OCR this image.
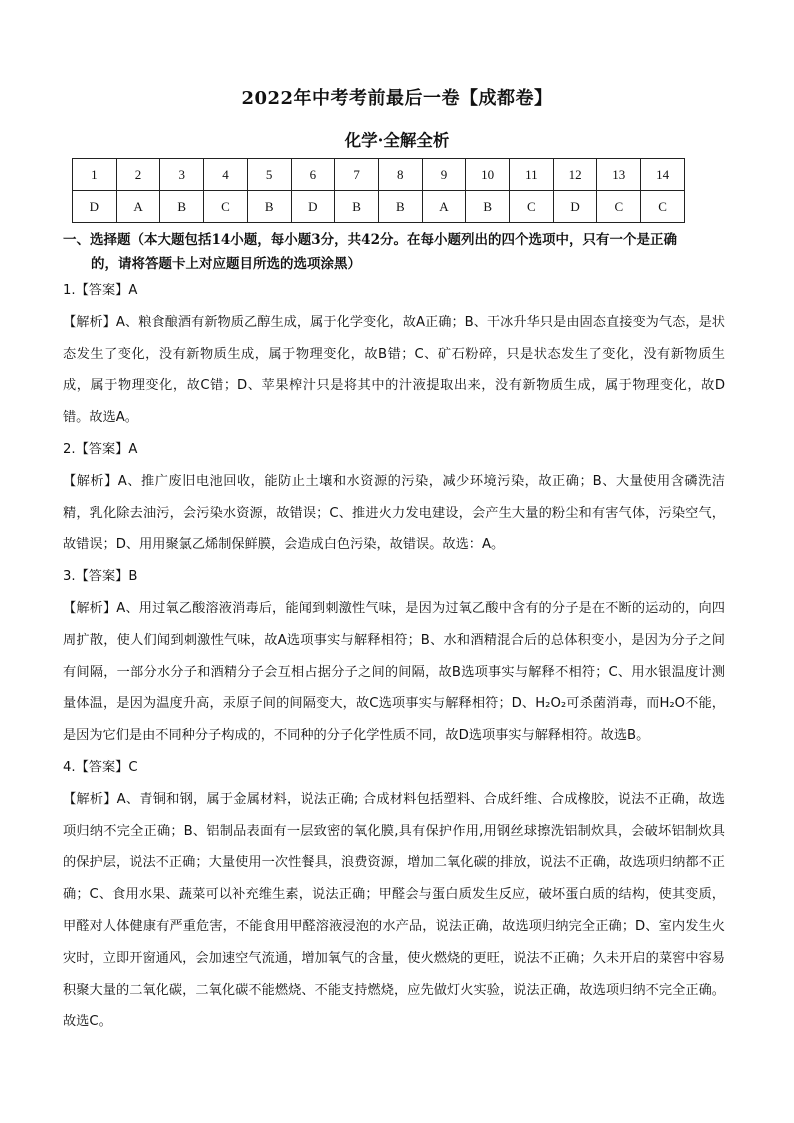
2022年中考考前最后一卷【成都卷】
化学·全解全析
1	2	3	4	5	6	7	8	9	10	11	12	13	14
D	A	B	C	B	D	B	B	A	B	C	D	C	C
一、选择题（本大题包括14小题，每小题3分，共42分。在每小题列出的四个选项中，只有一个是正确
的，请将答题卡上对应题目所选的选项涂黑）

1.【答案】A

【解析】A、粮食酿酒有新物质乙醇生成，属于化学变化，故A正确；B、干冰升华只是由固态直接变为气态，是状态发生了变化，没有新物质生成，属于物理变化，故B错；C、矿石粉碎，只是状态发生了变化，没有新物质生成，属于物理变化，故C错；D、苹果榨汁只是将其中的汁液提取出来，没有新物质生成，属于物理变化，故D错。故选A。

2.【答案】A

【解析】A、推广废旧电池回收，能防止土壤和水资源的污染，减少环境污染，故正确；B、大量使用含磷洗洁精，乳化除去油污，会污染水资源，故错误；C、推进火力发电建设，会产生大量的粉尘和有害气体，污染空气，故错误；D、用用聚氯乙烯制保鲜膜，会造成白色污染，故错误。故选：A。

3.【答案】B

【解析】A、用过氧乙酸溶液消毒后，能闻到刺激性气味，是因为过氧乙酸中含有的分子是在不断的运动的，向四周扩散，使人们闻到刺激性气味，故A选项事实与解释相符；B、水和酒精混合后的总体积变小，是因为分子之间有间隔，一部分水分子和酒精分子会互相占据分子之间的间隔，故B选项事实与解释不相符；C、用水银温度计测量体温，是因为温度升高，汞原子间的间隔变大，故C选项事实与解释相符；D、H₂O₂可杀菌消毒，而H₂O不能，是因为它们是由不同种分子构成的，不同种的分子化学性质不同，故D选项事实与解释相符。故选B。

4.【答案】C

【解析】A、青铜和钢，属于金属材料，说法正确; 合成材料包括塑料、合成纤维、合成橡胶，说法不正确，故选项归纳不完全正确；B、铝制品表面有一层致密的氧化膜,具有保护作用,用钢丝球擦洗铝制炊具，会破坏铝制炊具的保护层，说法不正确；大量使用一次性餐具，浪费资源，增加二氧化碳的排放，说法不正确，故选项归纳都不正确；C、食用水果、蔬菜可以补充维生素，说法正确；甲醛会与蛋白质发生反应，破坏蛋白质的结构，使其变质，甲醛对人体健康有严重危害，不能食用甲醛溶液浸泡的水产品，说法正确，故选项归纳完全正确；D、室内发生火灾时，立即开窗通风，会加速空气流通，增加氧气的含量，使火燃烧的更旺，说法不正确；久未开启的菜窖中容易积聚大量的二氧化碳，二氧化碳不能燃烧、不能支持燃烧，应先做灯火实验，说法正确，故选项归纳不完全正确。故选C。
